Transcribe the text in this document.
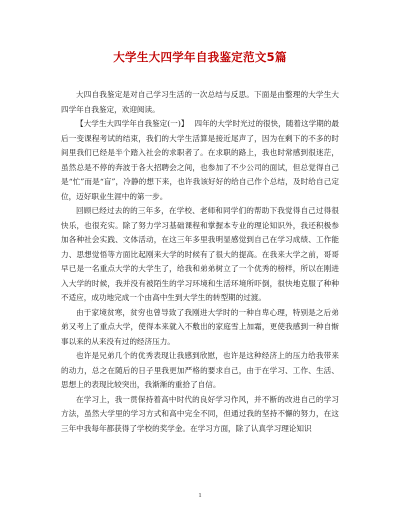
大学生大四学年自我鉴定范文5篇

大四自我鉴定是对自己学习生活的一次总结与反思。下面是由整理的大学生大四学年自我鉴定，欢迎阅读。

【大学生大四学年自我鉴定(一)】 四年的大学时光过的很快，随着这学期的最后一变课程考试的结束，我们的大学生活算是接近尾声了，因为在剩下的不多的时间里我们已经是半个踏入社会的求职者了。在求职的路上，我也时常感到很迷茫，虽然总是不停的奔波于各大招聘会之间，也参加了不少公司的面试，但总觉得自己是“忙”而是“盲”，冷静的想下来，也许我该好好的给自己作个总结，及时给自己定位，迈好职业生涯中的第一步。

回顾已经过去的的三年多，在学校、老师和同学们的帮助下我觉得自己过得很快乐，也很充实。除了努力学习基础课程和掌握本专业的理论知识外，我还积极参加各种社会实践、文体活动，在这三年多里我明显感觉到自己在学习成绩、工作能力、思想觉悟等方面比起刚来大学的时候有了很大的提高。在我来大学之前，哥哥早已是一名重点大学的大学生了，给我和弟弟树立了一个优秀的榜样，所以在刚进入大学的时候，我并没有被陌生的学习环境和生活环境所吓倒，很快地克服了种种不适应，成功地完成一个由高中生到大学生的转型期的过渡。

由于家境贫寒，贫穷也曾导致了我刚进大学时的一种自卑心理，特别是之后弟弟又考上了重点大学，使得本来就入不敷出的家庭雪上加霜，更使我感到一种自惭事以来的从来没有过的经济压力。

也许是兄弟几个的优秀表现让我感到欣慰，也许是这种经济上的压力给我带来的动力，总之在随后的日子里我更加严格的要求自己，由于在学习、工作、生活、思想上的表现比较突出，我渐渐的重拾了自信。

在学习上，我一贯保持着高中时代的良好学习作风，并不断的改进自己的学习方法，虽然大学里的学习方式和高中完全不同，但通过我的坚持不懈的努力，在这三年中我每年都获得了学校的奖学金。在学习方面，除了认真学习理论知识

1
